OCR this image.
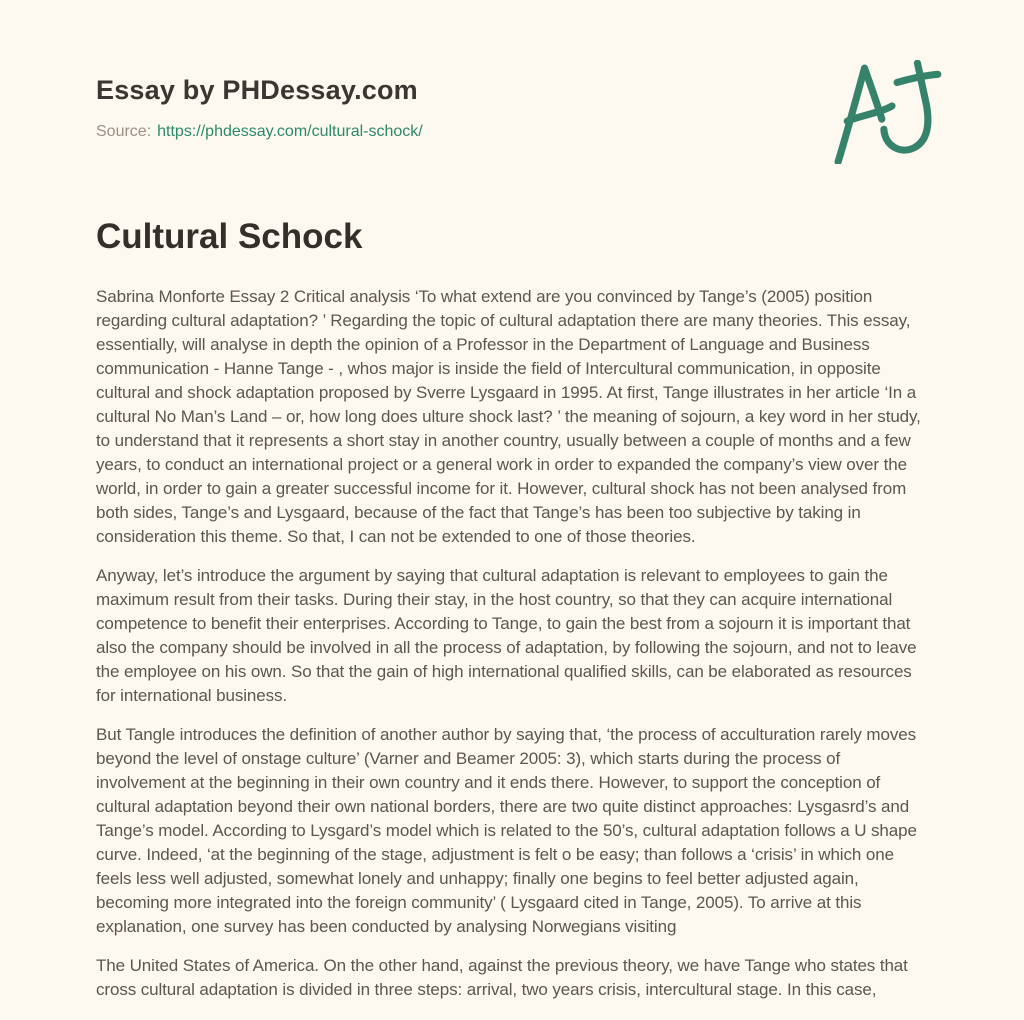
Essay by PHDessay.com
Source: https://phdessay.com/cultural-schock/
Cultural Schock

Sabrina Monforte Essay 2 Critical analysis ‘To what extend are you convinced by Tange’s (2005) position regarding cultural adaptation? ’ Regarding the topic of cultural adaptation there are many theories. This essay, essentially, will analyse in depth the opinion of a Professor in the Department of Language and Business communication - Hanne Tange - , whos major is inside the field of Intercultural communication, in opposite cultural and shock adaptation proposed by Sverre Lysgaard in 1995. At first, Tange illustrates in her article ‘In a cultural No Man’s Land – or, how long does ulture shock last? ’ the meaning of sojourn, a key word in her study, to understand that it represents a short stay in another country, usually between a couple of months and a few years, to conduct an international project or a general work in order to expanded the company’s view over the world, in order to gain a greater successful income for it. However, cultural shock has not been analysed from both sides, Tange’s and Lysgaard, because of the fact that Tange’s has been too subjective by taking in consideration this theme. So that, I can not be extended to one of those theories.

Anyway, let’s introduce the argument by saying that cultural adaptation is relevant to employees to gain the maximum result from their tasks. During their stay, in the host country, so that they can acquire international competence to benefit their enterprises. According to Tange, to gain the best from a sojourn it is important that also the company should be involved in all the process of adaptation, by following the sojourn, and not to leave the employee on his own. So that the gain of high international qualified skills, can be elaborated as resources for international business.

But Tangle introduces the definition of another author by saying that, ‘the process of acculturation rarely moves beyond the level of onstage culture’ (Varner and Beamer 2005: 3), which starts during the process of involvement at the beginning in their own country and it ends there. However, to support the conception of cultural adaptation beyond their own national borders, there are two quite distinct approaches: Lysgasrd’s and Tange’s model. According to Lysgard’s model which is related to the 50’s, cultural adaptation follows a U shape curve. Indeed, ‘at the beginning of the stage, adjustment is felt o be easy; than follows a ‘crisis’ in which one feels less well adjusted, somewhat lonely and unhappy; finally one begins to feel better adjusted again, becoming more integrated into the foreign community’ ( Lysgaard cited in Tange, 2005). To arrive at this explanation, one survey has been conducted by analysing Norwegians visiting

The United States of America. On the other hand, against the previous theory, we have Tange who states that cross cultural adaptation is divided in three steps: arrival, two years crisis, intercultural stage. In this case,
